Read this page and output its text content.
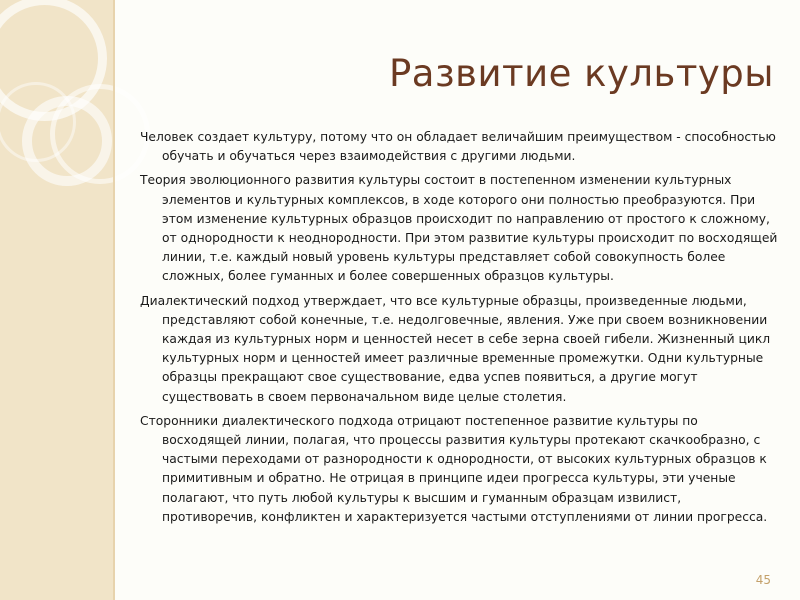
Развитие культуры

Человек создает культуру, потому что он обладает величайшим преимуществом - способностью обучать и обучаться через взаимодействия с другими людьми.

Теория эволюционного развития культуры состоит в постепенном изменении культурных элементов и культурных комплексов, в ходе которого они полностью преобразуются. При этом изменение культурных образцов происходит по направлению от простого к сложному, от однородности к неоднородности. При этом развитие культуры происходит по восходящей линии, т.е. каждый новый уровень культуры представляет собой совокупность более сложных, более гуманных и более совершенных образцов культуры.

Диалектический подход утверждает, что все культурные образцы, произведенные людьми, представляют собой конечные, т.е. недолговечные, явления. Уже при своем возникновении каждая из культурных норм и ценностей несет в себе зерна своей гибели. Жизненный цикл культурных норм и ценностей имеет различные временные промежутки. Одни культурные образцы прекращают свое существование, едва успев появиться, а другие могут существовать в своем первоначальном виде целые столетия.

Сторонники диалектического подхода отрицают постепенное развитие культуры по восходящей линии, полагая, что процессы развития культуры протекают скачкообразно, с частыми переходами от разнородности к однородности, от высоких культурных образцов к примитивным и обратно. Не отрицая в принципе идеи прогресса культуры, эти ученые полагают, что путь любой культуры к высшим и гуманным образцам извилист, противоречив, конфликтен и характеризуется частыми отступлениями от линии прогресса.

45
